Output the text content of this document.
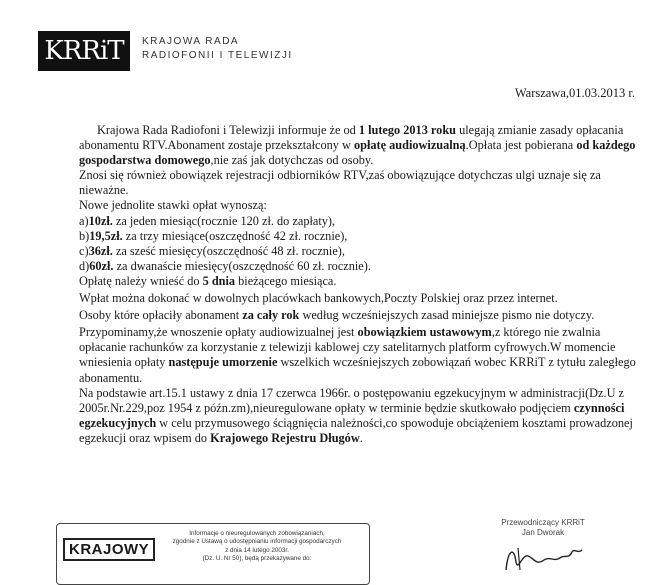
KRRiT KRAJOWA RADA
RADIOFONII I TELEWIZJI
Warszawa,01.03.2013 r.

Krajowa Rada Radiofoni i Telewizji informuje że od 1 lutego 2013 roku ulegają zmianie zasady opłacania abonamentu RTV.Abonament zostaje przekształcony w opłatę audiowizualną.Opłata jest pobierana od każdego gospodarstwa domowego,nie zaś jak dotychczas od osoby.

Znosi się również obowiązek rejestracji odbiorników RTV,zaś obowiązujące dotychczas ulgi uznaje się za nieważne.

Nowe jednolite stawki opłat wynoszą:

a)10zł. za jeden miesiąc(rocznie 120 zł. do zapłaty),

b)19,5zł. za trzy miesiące(oszczędność 42 zł. rocznie),

c)36zł. za sześć miesięcy(oszczędność 48 zł. rocznie),

d)60zł. za dwanaście miesięcy(oszczędność 60 zł. rocznie).

Opłatę należy wnieść do 5 dnia bieżącego miesiąca.

Wpłat można dokonać w dowolnych placówkach bankowych,Poczty Polskiej oraz przez internet.

Osoby które opłaciły abonament za cały rok według wcześniejszych zasad miniejsze pismo nie dotyczy.

Przypominamy,że wnoszenie opłaty audiowizualnej jest obowiązkiem ustawowym,z którego nie zwalnia opłacanie rachunków za korzystanie z telewizji kablowej czy satelitarnych platform cyfrowych.W momencie wniesienia opłaty następuje umorzenie wszelkich wcześniejszych zobowiązań wobec KRRiT z tytułu zaległego abonamentu.

Na podstawie art.15.1 ustawy z dnia 17 czerwca 1966r. o postępowaniu egzekucyjnym w administracji(Dz.U z 2005r.Nr.229,poz 1954 z późn.zm),nieuregulowane opłaty w terminie będzie skutkowało podjęciem czynności egzekucyjnych w celu przymusowego ściągnięcia należności,co spowoduje obciążeniem kosztami prowadzonej egzekucji oraz wpisem do Krajowego Rejestru Długów.

KRAJOWY
Informacje o nieuregulowanych zobowiązaniach,
zgodnie z Ustawą o udostępnianiu informacji gospodarczych
z dnia 14 lutego 2003r.
(Dz. U. Nr 50), będą przekazywane do:
Przewodniczący KRRiT
Jan Dworak
